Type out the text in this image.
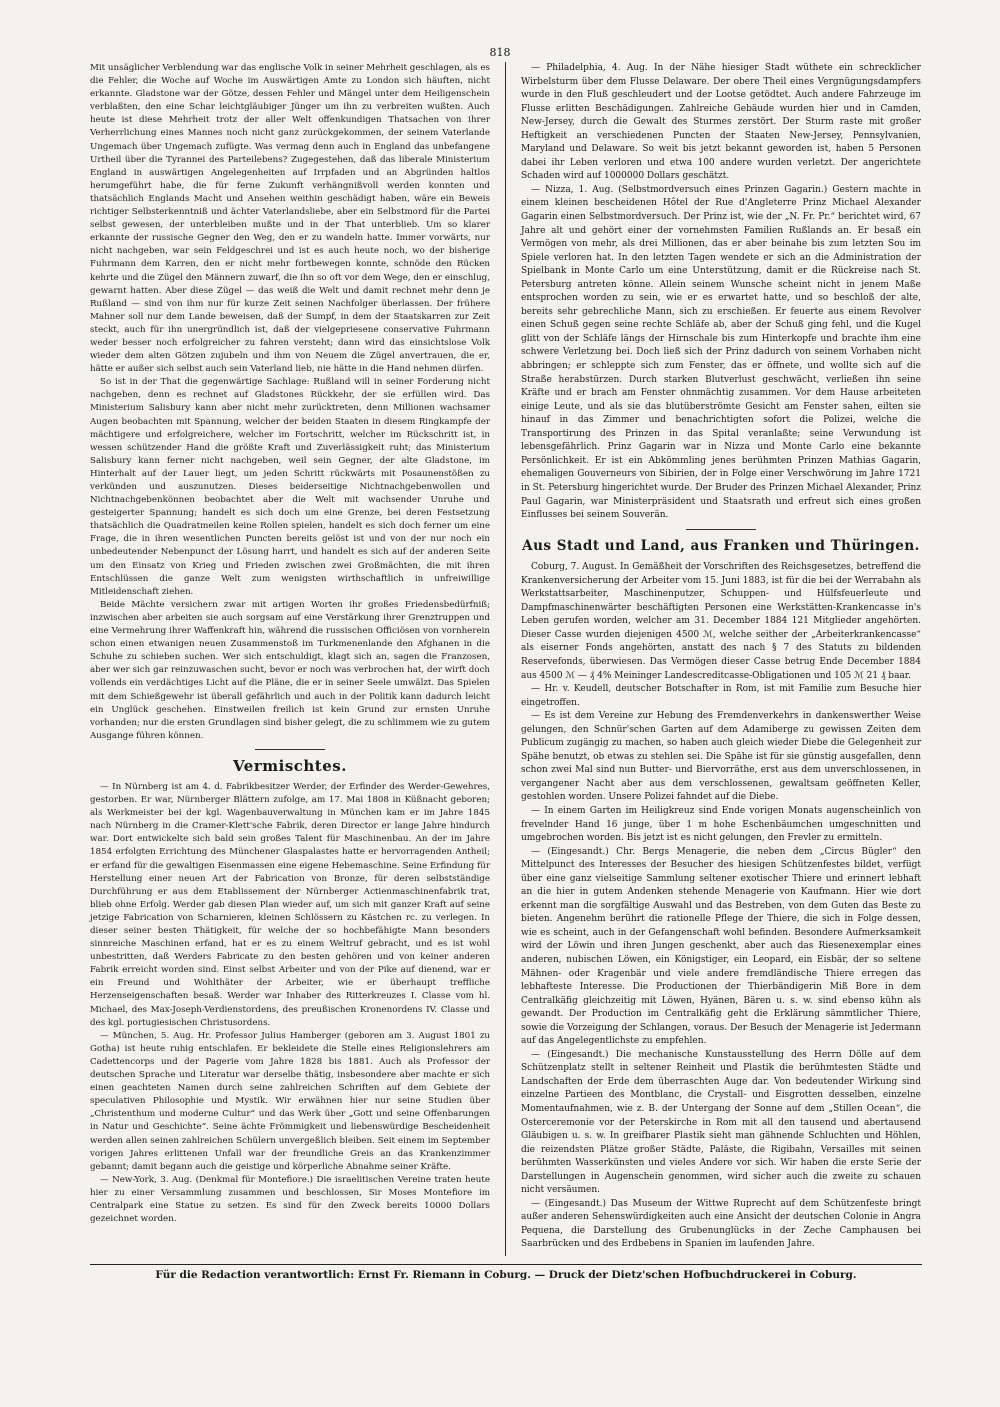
818

Mit unsäglicher Verblendung war das englische Volk in seiner Mehrheit geschlagen, als es die Fehler, die Woche auf Woche im Auswärtigen Amte zu London sich häuften, nicht erkannte. Gladstone war der Götze, dessen Fehler und Mängel unter dem Heiligenschein verblaßten, den eine Schar leichtgläubiger Jünger um ihn zu verbreiten wußten. Auch heute ist diese Mehrheit trotz der aller Welt offenkundigen Thatsachen von ihrer Verherrlichung eines Mannes noch nicht ganz zurückgekommen, der seinem Vaterlande Ungemach über Ungemach zufügte. Was vermag denn auch in England das unbefangene Urtheil über die Tyrannei des Parteilebens? Zugegestehen, daß das liberale Ministerium England in auswärtigen Angelegenheiten auf Irrpfaden und an Abgründen haltlos herumgeführt habe, die für ferne Zukunft verhängnißvoll werden konnten und thatsächlich Englands Macht und Ansehen weithin geschädigt haben, wäre ein Beweis richtiger Selbsterkenntniß und ächter Vaterlandsliebe, aber ein Selbstmord für die Partei selbst gewesen, der unterbleiben mußte und in der That unterblieb. Um so klarer erkannte der russische Gegner den Weg, den er zu wandeln hatte. Immer vorwärts, nur nicht nachgeben, war sein Feldgeschrei und ist es auch heute noch, wo der bisherige Fuhrmann dem Karren, den er nicht mehr fortbewegen konnte, schnöde den Rücken kehrte und die Zügel den Männern zuwarf, die ihn so oft vor dem Wege, den er einschlug, gewarnt hatten. Aber diese Zügel — das weiß die Welt und damit rechnet mehr denn je Rußland — sind von ihm nur für kurze Zeit seinen Nachfolger überlassen. Der frühere Mahner soll nur dem Lande beweisen, daß der Sumpf, in dem der Staatskarren zur Zeit steckt, auch für ihn unergründlich ist, daß der vielgepriesene conservative Fuhrmann weder besser noch erfolgreicher zu fahren versteht; dann wird das einsichtslose Volk wieder dem alten Götzen zujubeln und ihm von Neuem die Zügel anvertrauen, die er, hätte er außer sich selbst auch sein Vaterland lieb, nie hätte in die Hand nehmen dürfen.

So ist in der That die gegenwärtige Sachlage: Rußland will in seiner Forderung nicht nachgeben, denn es rechnet auf Gladstones Rückkehr, der sie erfüllen wird. Das Ministerium Salisbury kann aber nicht mehr zurücktreten, denn Millionen wachsamer Augen beobachten mit Spannung, welcher der beiden Staaten in diesem Ringkampfe der mächtigere und erfolgreichere, welcher im Fortschritt, welcher im Rückschritt ist, in wessen schützender Hand die größte Kraft und Zuverlässigkeit ruht; das Ministerium Salisbury kann ferner nicht nachgeben, weil sein Gegner, der alte Gladstone, im Hinterhalt auf der Lauer liegt, um jeden Schritt rückwärts mit Posaunenstößen zu verkünden und auszunutzen. Dieses beiderseitige Nichtnachgebenwollen und Nichtnachgebenkönnen beobachtet aber die Welt mit wachsender Unruhe und gesteigerter Spannung; handelt es sich doch um eine Grenze, bei deren Festsetzung thatsächlich die Quadratmeilen keine Rollen spielen, handelt es sich doch ferner um eine Frage, die in ihren wesentlichen Puncten bereits gelöst ist und von der nur noch ein unbedeutender Nebenpunct der Lösung harrt, und handelt es sich auf der anderen Seite um den Einsatz von Krieg und Frieden zwischen zwei Großmächten, die mit ihren Entschlüssen die ganze Welt zum wenigsten wirthschaftlich in unfreiwillige Mitleidenschaft ziehen.

Beide Mächte versichern zwar mit artigen Worten ihr großes Friedensbedürfniß; inzwischen aber arbeiten sie auch sorgsam auf eine Verstärkung ihrer Grenztruppen und eine Vermehrung ihrer Waffenkraft hin, während die russischen Officiösen von vornherein schon einen etwanigen neuen Zusammenstoß im Turkmenenlande den Afghanen in die Schuhe zu schieben suchen. Wer sich entschuldigt, klagt sich an, sagen die Franzosen, aber wer sich gar reinzuwaschen sucht, bevor er noch was verbrochen hat, der wirft doch vollends ein verdächtiges Licht auf die Pläne, die er in seiner Seele umwälzt. Das Spielen mit dem Schießgewehr ist überall gefährlich und auch in der Politik kann dadurch leicht ein Unglück geschehen. Einstweilen freilich ist kein Grund zur ernsten Unruhe vorhanden; nur die ersten Grundlagen sind bisher gelegt, die zu schlimmem wie zu gutem Ausgange führen können.

Vermischtes.

— In Nürnberg ist am 4. d. Fabrikbesitzer Werder, der Erfinder des Werder-Gewehres, gestorben. Er war, Nürnberger Blättern zufolge, am 17. Mai 1808 in Küßnacht geboren; als Werkmeister bei der kgl. Wagenbauverwaltung in München kam er im Jahre 1845 nach Nürnberg in die Cramer-Klett'sche Fabrik, deren Director er lange Jahre hindurch war. Dort entwickelte sich bald sein großes Talent für Maschinenbau. An der im Jahre 1854 erfolgten Errichtung des Münchener Glaspalastes hatte er hervorragenden Antheil; er erfand für die gewaltigen Eisenmassen eine eigene Hebemaschine. Seine Erfindung für Herstellung einer neuen Art der Fabrication von Bronze, für deren selbstständige Durchführung er aus dem Etablissement der Nürnberger Actienmaschinenfabrik trat, blieb ohne Erfolg. Werder gab diesen Plan wieder auf, um sich mit ganzer Kraft auf seine jetzige Fabrication von Scharnieren, kleinen Schlössern zu Kästchen rc. zu verlegen. In dieser seiner besten Thätigkeit, für welche der so hochbefähigte Mann besonders sinnreiche Maschinen erfand, hat er es zu einem Weltruf gebracht, und es ist wohl unbestritten, daß Werders Fabricate zu den besten gehören und von keiner anderen Fabrik erreicht worden sind. Einst selbst Arbeiter und von der Pike auf dienend, war er ein Freund und Wohlthäter der Arbeiter, wie er überhaupt treffliche Herzenseigenschaften besaß. Werder war Inhaber des Ritterkreuzes I. Classe vom hl. Michael, des Max-Joseph-Verdienstordens, des preußischen Kronenordens IV. Classe und des kgl. portugiesischen Christusordens.

— München, 5. Aug. Hr. Professor Julius Hamberger (geboren am 3. August 1801 zu Gotha) ist heute ruhig entschlafen. Er bekleidete die Stelle eines Religionslehrers am Cadettencorps und der Pagerie vom Jahre 1828 bis 1881. Auch als Professor der deutschen Sprache und Literatur war derselbe thätig, insbesondere aber machte er sich einen geachteten Namen durch seine zahlreichen Schriften auf dem Gebiete der speculativen Philosophie und Mystik. Wir erwähnen hier nur seine Studien über „Christenthum und moderne Cultur“ und das Werk über „Gott und seine Offenbarungen in Natur und Geschichte“. Seine ächte Frömmigkeit und liebenswürdige Bescheidenheit werden allen seinen zahlreichen Schülern unvergeßlich bleiben. Seit einem im September vorigen Jahres erlittenen Unfall war der freundliche Greis an das Krankenzimmer gebannt; damit begann auch die geistige und körperliche Abnahme seiner Kräfte.

— New-York, 3. Aug. (Denkmal für Montefiore.) Die israelitischen Vereine traten heute hier zu einer Versammlung zusammen und beschlossen, Sir Moses Montefiore im Centralpark eine Statue zu setzen. Es sind für den Zweck bereits 10000 Dollars gezeichnet worden.

— Philadelphia, 4. Aug. In der Nähe hiesiger Stadt wüthete ein schrecklicher Wirbelsturm über dem Flusse Delaware. Der obere Theil eines Vergnügungsdampfers wurde in den Fluß geschleudert und der Lootse getödtet. Auch andere Fahrzeuge im Flusse erlitten Beschädigungen. Zahlreiche Gebäude wurden hier und in Camden, New-Jersey, durch die Gewalt des Sturmes zerstört. Der Sturm raste mit großer Heftigkeit an verschiedenen Puncten der Staaten New-Jersey, Pennsylvanien, Maryland und Delaware. So weit bis jetzt bekannt geworden ist, haben 5 Personen dabei ihr Leben verloren und etwa 100 andere wurden verletzt. Der angerichtete Schaden wird auf 1000000 Dollars geschätzt.

— Nizza, 1. Aug. (Selbstmordversuch eines Prinzen Gagarin.) Gestern machte in einem kleinen bescheidenen Hôtel der Rue d'Angleterre Prinz Michael Alexander Gagarin einen Selbstmordversuch. Der Prinz ist, wie der „N. Fr. Pr.“ berichtet wird, 67 Jahre alt und gehört einer der vornehmsten Familien Rußlands an. Er besaß ein Vermögen von mehr, als drei Millionen, das er aber beinahe bis zum letzten Sou im Spiele verloren hat. In den letzten Tagen wendete er sich an die Administration der Spielbank in Monte Carlo um eine Unterstützung, damit er die Rückreise nach St. Petersburg antreten könne. Allein seinem Wunsche scheint nicht in jenem Maße entsprochen worden zu sein, wie er es erwartet hatte, und so beschloß der alte, bereits sehr gebrechliche Mann, sich zu erschießen. Er feuerte aus einem Revolver einen Schuß gegen seine rechte Schläfe ab, aber der Schuß ging fehl, und die Kugel glitt von der Schläfe längs der Hirnschale bis zum Hinterkopfe und brachte ihm eine schwere Verletzung bei. Doch ließ sich der Prinz dadurch von seinem Vorhaben nicht abbringen; er schleppte sich zum Fenster, das er öffnete, und wollte sich auf die Straße herabstürzen. Durch starken Blutverlust geschwächt, verließen ihn seine Kräfte und er brach am Fenster ohnmächtig zusammen. Vor dem Hause arbeiteten einige Leute, und als sie das blutüberströmte Gesicht am Fenster sahen, eilten sie hinauf in das Zimmer und benachrichtigten sofort die Polizei, welche die Transportirung des Prinzen in das Spital veranlaßte; seine Verwundung ist lebensgefährlich. Prinz Gagarin war in Nizza und Monte Carlo eine bekannte Persönlichkeit. Er ist ein Abkömmling jenes berühmten Prinzen Mathias Gagarin, ehemaligen Gouverneurs von Sibirien, der in Folge einer Verschwörung im Jahre 1721 in St. Petersburg hingerichtet wurde. Der Bruder des Prinzen Michael Alexander, Prinz Paul Gagarin, war Ministerpräsident und Staatsrath und erfreut sich eines großen Einflusses bei seinem Souverän.

Aus Stadt und Land, aus Franken und Thüringen.

Coburg, 7. August. In Gemäßheit der Vorschriften des Reichsgesetzes, betreffend die Krankenversicherung der Arbeiter vom 15. Juni 1883, ist für die bei der Werrabahn als Werkstattsarbeiter, Maschinenputzer, Schuppen- und Hülfsfeuerleute und Dampfmaschinenwärter beschäftigten Personen eine Werkstätten-Krankencasse in's Leben gerufen worden, welcher am 31. December 1884 121 Mitglieder angehörten. Dieser Casse wurden diejenigen 4500 ℳ, welche seither der „Arbeiterkrankencasse“ als eiserner Fonds angehörten, anstatt des nach § 7 des Statuts zu bildenden Reservefonds, überwiesen. Das Vermögen dieser Casse betrug Ende December 1884 aus 4500 ℳ — ₰ 4% Meininger Landescreditcasse-Obligationen und 105 ℳ 21 ₰ baar.

— Hr. v. Keudell, deutscher Botschafter in Rom, ist mit Familie zum Besuche hier eingetroffen.

— Es ist dem Vereine zur Hebung des Fremdenverkehrs in dankenswerther Weise gelungen, den Schnür'schen Garten auf dem Adamiberge zu gewissen Zeiten dem Publicum zugängig zu machen, so haben auch gleich wieder Diebe die Gelegenheit zur Spähe benutzt, ob etwas zu stehlen sei. Die Spähe ist für sie günstig ausgefallen, denn schon zwei Mal sind nun Butter- und Biervorräthe, erst aus dem unverschlossenen, in vergangener Nacht aber aus dem verschlossenen, gewaltsam geöffneten Keller, gestohlen worden. Unsere Polizei fahndet auf die Diebe.

— In einem Garten im Heiligkreuz sind Ende vorigen Monats augenscheinlich von frevelnder Hand 16 junge, über 1 m hohe Eschenbäumchen umgeschnitten und umgebrochen worden. Bis jetzt ist es nicht gelungen, den Frevler zu ermitteln.

— (Eingesandt.) Chr. Bergs Menagerie, die neben dem „Circus Bügler“ den Mittelpunct des Interesses der Besucher des hiesigen Schützenfestes bildet, verfügt über eine ganz vielseitige Sammlung seltener exotischer Thiere und erinnert lebhaft an die hier in gutem Andenken stehende Menagerie von Kaufmann. Hier wie dort erkennt man die sorgfältige Auswahl und das Bestreben, von dem Guten das Beste zu bieten. Angenehm berührt die rationelle Pflege der Thiere, die sich in Folge dessen, wie es scheint, auch in der Gefangenschaft wohl befinden. Besondere Aufmerksamkeit wird der Löwin und ihren Jungen geschenkt, aber auch das Riesenexemplar eines anderen, nubischen Löwen, ein Königstiger, ein Leopard, ein Eisbär, der so seltene Mähnen- oder Kragenbär und viele andere fremdländische Thiere erregen das lebhafteste Interesse. Die Productionen der Thierbändigerin Miß Bore in dem Centralkäfig gleichzeitig mit Löwen, Hyänen, Bären u. s. w. sind ebenso kühn als gewandt. Der Production im Centralkäfig geht die Erklärung sämmtlicher Thiere, sowie die Vorzeigung der Schlangen, voraus. Der Besuch der Menagerie ist Jedermann auf das Angelegentlichste zu empfehlen.

— (Eingesandt.) Die mechanische Kunstausstellung des Herrn Dölle auf dem Schützenplatz stellt in seltener Reinheit und Plastik die berühmtesten Städte und Landschaften der Erde dem überraschten Auge dar. Von bedeutender Wirkung sind einzelne Partieen des Montblanc, die Crystall- und Eisgrotten desselben, einzelne Momentaufnahmen, wie z. B. der Untergang der Sonne auf dem „Stillen Ocean“, die Osterceremonie vor der Peterskirche in Rom mit all den tausend und abertausend Gläubigen u. s. w. In greifbarer Plastik sieht man gähnende Schluchten und Höhlen, die reizendsten Plätze großer Städte, Paläste, die Rigibahn, Versailles mit seinen berühmten Wasserkünsten und vieles Andere vor sich. Wir haben die erste Serie der Darstellungen in Augenschein genommen, wird sicher auch die zweite zu schauen nicht versäumen.

— (Eingesandt.) Das Museum der Wittwe Ruprecht auf dem Schützenfeste bringt außer anderen Sehenswürdigkeiten auch eine Ansicht der deutschen Colonie in Angra Pequena, die Darstellung des Grubenunglücks in der Zeche Camphausen bei Saarbrücken und des Erdbebens in Spanien im laufenden Jahre.

Für die Redaction verantwortlich: Ernst Fr. Riemann in Coburg. — Druck der Dietz'schen Hofbuchdruckerei in Coburg.
